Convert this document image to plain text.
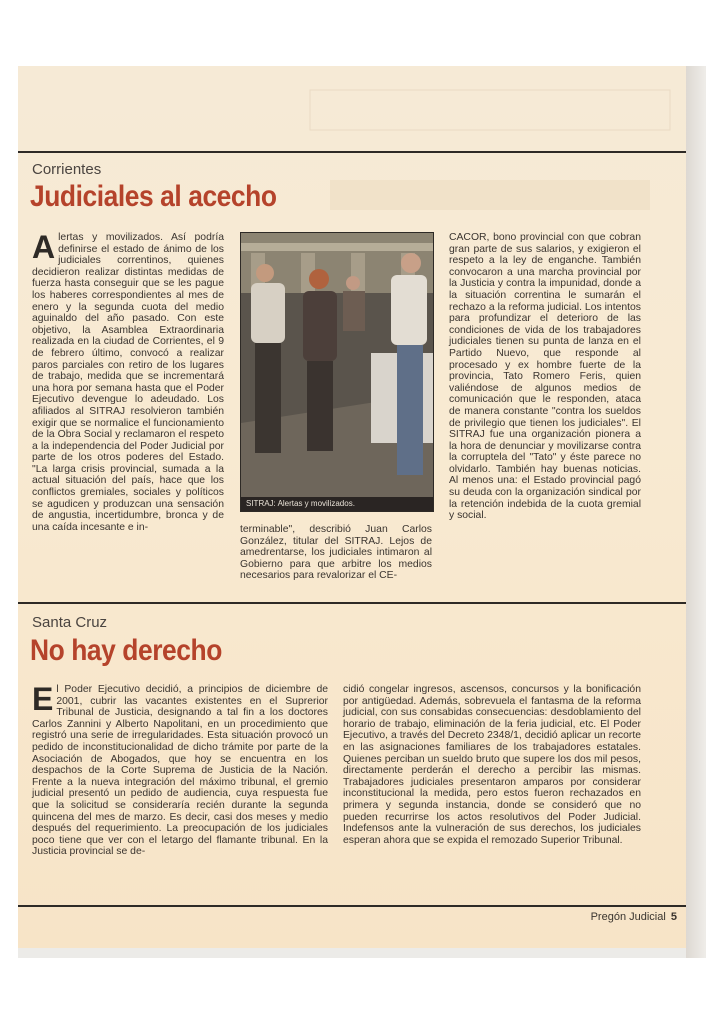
Corrientes
Judiciales al acecho
Alertas y movilizados. Así podría definirse el estado de ánimo de los judiciales correntinos, quienes decidieron realizar distintas medidas de fuerza hasta conseguir que se les pague los haberes correspondientes al mes de enero y la segunda cuota del medio aguinaldo del año pasado. Con este objetivo, la Asamblea Extraordinaria realizada en la ciudad de Corrientes, el 9 de febrero último, convocó a realizar paros parciales con retiro de los lugares de trabajo, medida que se incrementará una hora por semana hasta que el Poder Ejecutivo devengue lo adeudado. Los afiliados al SITRAJ resolvieron también exigir que se normalice el funcionamiento de la Obra Social y reclamaron el respeto a la independencia del Poder Judicial por parte de los otros poderes del Estado. "La larga crisis provincial, sumada a la actual situación del país, hace que los conflictos gremiales, sociales y políticos se agudicen y produzcan una sensación de angustia, incertidumbre, bronca y de una caída incesante e in-
SITRAJ: Alertas y movilizados.
terminable", describió Juan Carlos González, titular del SITRAJ. Lejos de amedrentarse, los judiciales intimaron al Gobierno para que arbitre los medios necesarios para revalorizar el CE-
CACOR, bono provincial con que cobran gran parte de sus salarios, y exigieron el respeto a la ley de enganche. También convocaron a una marcha provincial por la Justicia y contra la impunidad, donde a la situación correntina le sumarán el rechazo a la reforma judicial. Los intentos para profundizar el deterioro de las condiciones de vida de los trabajadores judiciales tienen su punta de lanza en el Partido Nuevo, que responde al procesado y ex hombre fuerte de la provincia, Tato Romero Feris, quien valiéndose de algunos medios de comunicación que le responden, ataca de manera constante "contra los sueldos de privilegio que tienen los judiciales". El SITRAJ fue una organización pionera a la hora de denunciar y movilizarse contra la corruptela del "Tato" y éste parece no olvidarlo. También hay buenas noticias. Al menos una: el Estado provincial pagó su deuda con la organización sindical por la retención indebida de la cuota gremial y social.
Santa Cruz
No hay derecho
El Poder Ejecutivo decidió, a principios de diciembre de 2001, cubrir las vacantes existentes en el Suprerior Tribunal de Justicia, designando a tal fin a los doctores Carlos Zannini y Alberto Napolitani, en un procedimiento que registró una serie de irregularidades. Esta situación provocó un pedido de inconstitucionalidad de dicho trámite por parte de la Asociación de Abogados, que hoy se encuentra en los despachos de la Corte Suprema de Justicia de la Nación. Frente a la nueva integración del máximo tribunal, el gremio judicial presentó un pedido de audiencia, cuya respuesta fue que la solicitud se consideraría recién durante la segunda quincena del mes de marzo. Es decir, casi dos meses y medio después del requerimiento. La preocupación de los judiciales poco tiene que ver con el letargo del flamante tribunal. En la Justicia provincial se de-
cidió congelar ingresos, ascensos, concursos y la bonificación por antigüedad. Además, sobrevuela el fantasma de la reforma judicial, con sus consabidas consecuencias: desdoblamiento del horario de trabajo, eliminación de la feria judicial, etc. El Poder Ejecutivo, a través del Decreto 2348/1, decidió aplicar un recorte en las asignaciones familiares de los trabajadores estatales. Quienes perciban un sueldo bruto que supere los dos mil pesos, directamente perderán el derecho a percibir las mismas. Trabajadores judiciales presentaron amparos por considerar inconstitucional la medida, pero estos fueron rechazados en primera y segunda instancia, donde se consideró que no pueden recurrirse los actos resolutivos del Poder Judicial. Indefensos ante la vulneración de sus derechos, los judiciales esperan ahora que se expida el remozado Superior Tribunal.
Pregón Judicial 5
